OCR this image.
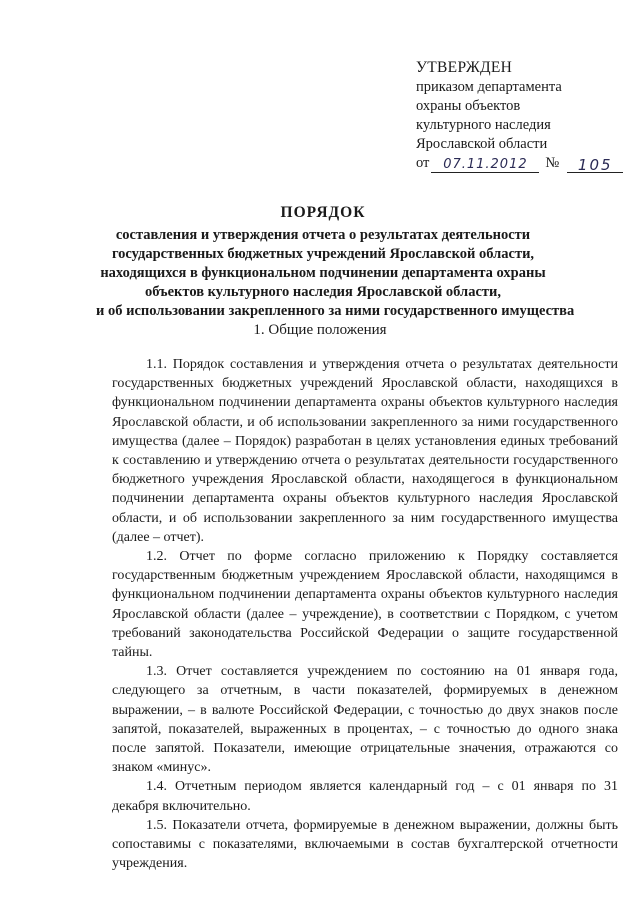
УТВЕРЖДЕН
приказом департамента
охраны объектов
культурного наследия
Ярославской области
от	07.11.2012	№	105
ПОРЯДОК
составления и утверждения отчета о результатах деятельности
государственных бюджетных учреждений Ярославской области,
находящихся в функциональном подчинении департамента охраны
объектов культурного наследия Ярославской области,
и об использовании закрепленного за ними государственного имущества
1. Общие положения

1.1. Порядок составления и утверждения отчета о результатах деятельности государственных бюджетных учреждений Ярославской области, находящихся в функциональном подчинении департамента охраны объектов культурного наследия Ярославской области, и об использовании закрепленного за ними государственного имущества (далее – Порядок) разработан в целях установления единых требований к составлению и утверждению отчета о результатах деятельности государственного бюджетного учреждения Ярославской области, находящегося в функциональном подчинении департамента охраны объектов культурного наследия Ярославской области, и об использовании закрепленного за ним государственного имущества (далее – отчет).

1.2. Отчет по форме согласно приложению к Порядку составляется государственным бюджетным учреждением Ярославской области, находящимся в функциональном подчинении департамента охраны объектов культурного наследия Ярославской области (далее – учреждение), в соответствии с Порядком, с учетом требований законодательства Российской Федерации о защите государственной тайны.

1.3. Отчет составляется учреждением по состоянию на 01 января года, следующего за отчетным, в части показателей, формируемых в денежном выражении, – в валюте Российской Федерации, с точностью до двух знаков после запятой, показателей, выраженных в процентах, – с точностью до одного знака после запятой. Показатели, имеющие отрицательные значения, отражаются со знаком «минус».

1.4. Отчетным периодом является календарный год – с 01 января по 31 декабря включительно.

1.5. Показатели отчета, формируемые в денежном выражении, должны быть сопоставимы с показателями, включаемыми в состав бухгалтерской отчетности учреждения.
